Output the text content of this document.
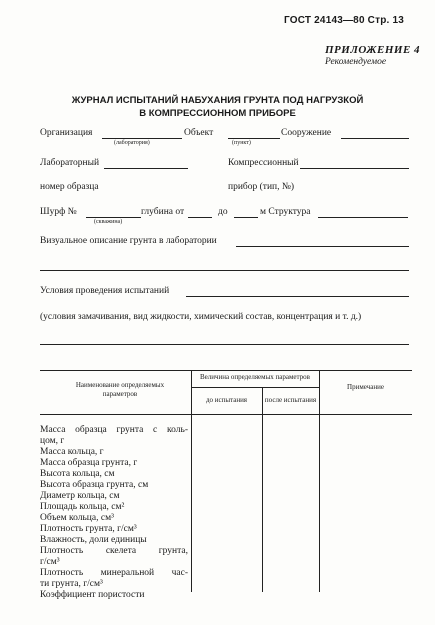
ГОСТ 24143—80 Стр. 13
ПРИЛОЖЕНИЕ 4
Рекомендуемое
ЖУРНАЛ ИСПЫТАНИЙ НАБУХАНИЯ ГРУНТА ПОД НАГРУЗКОЙ
В КОМПРЕССИОННОМ ПРИБОРЕ
Организация
(лаборатория)
Объект
(пункт)
Сооружение
Лабораторный	Компрессионный
номер образца	прибор (тип, №)
Шурф №
(скважина)
глубина от	до	м Структура
Визуальное описание грунта в лаборатории
Условия проведения испытаний
(условия замачивания, вид жидкости, химический состав, концентрация и т. д.)
Наименование определяемых параметров
Величина определяемых параметров
до испытания	после испытания
Примечание
Масса образца грунта с коль-
цом, г
Масса кольца, г
Масса образца грунта, г
Высота кольца, см
Высота образца грунта, см
Диаметр кольца, см
Площадь кольца, см²
Объем кольца, см³
Плотность грунта, г/см³
Влажность, доли единицы
Плотность скелета грунта,
г/см³
Плотность минеральной час-
ти грунта, г/см³
Коэффициент пористости
